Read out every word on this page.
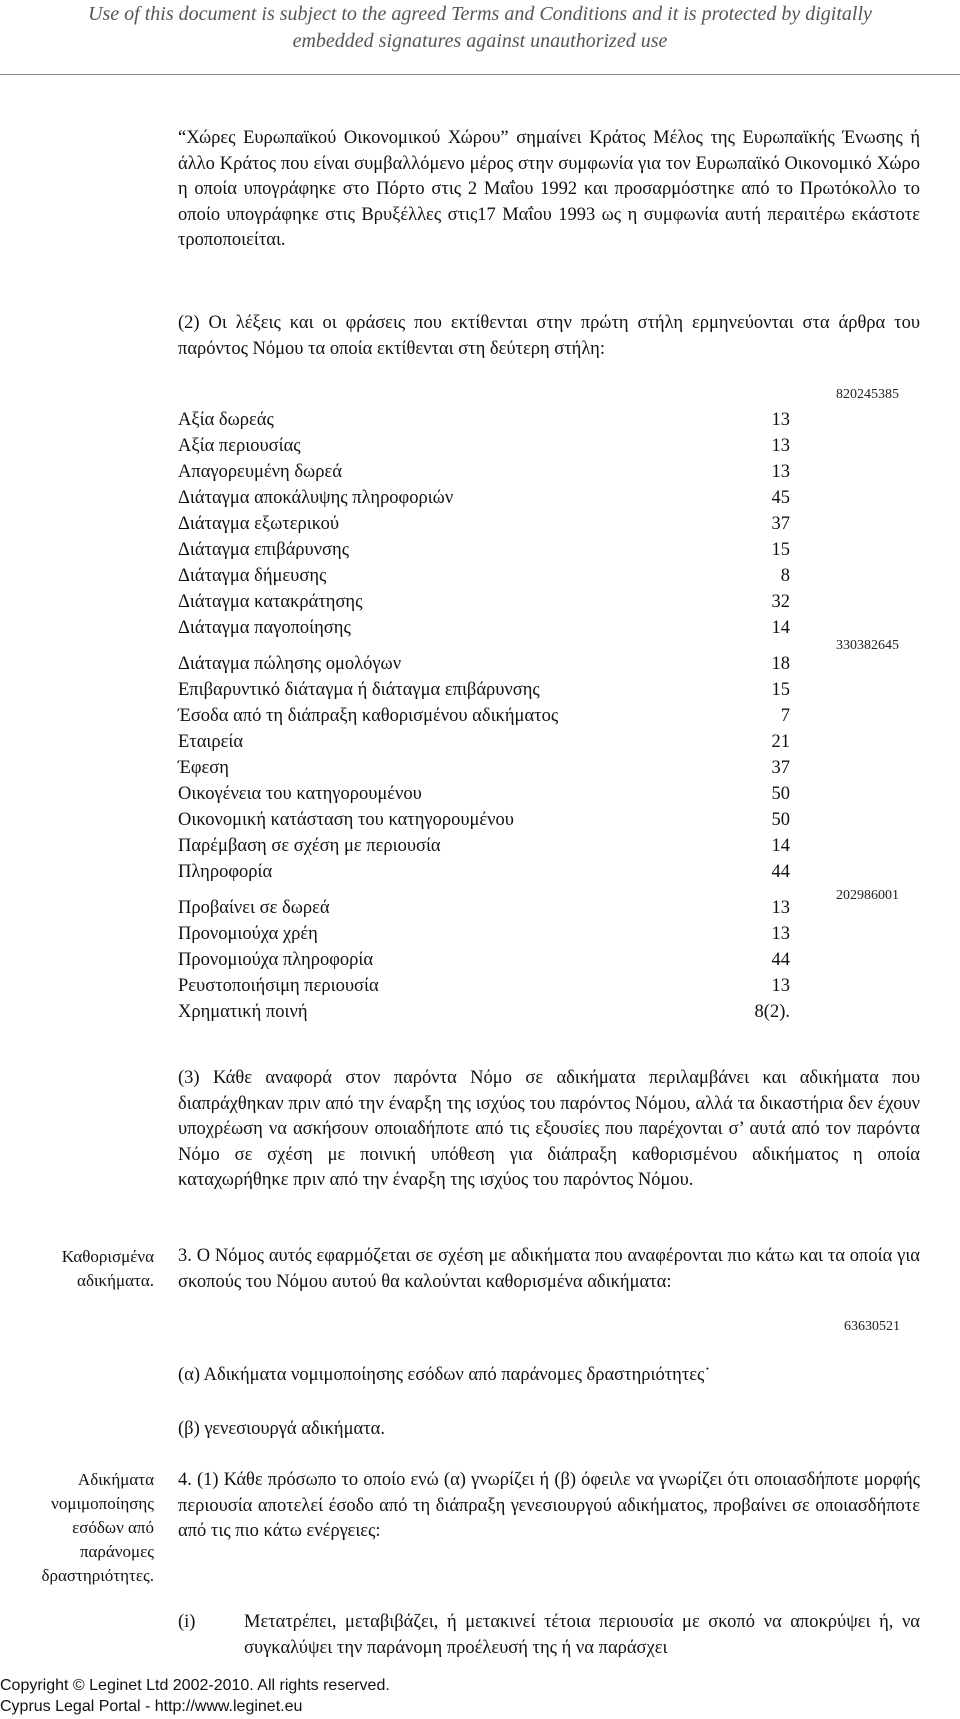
Use of this document is subject to the agreed Terms and Conditions and it is protected by digitally
embedded signatures against unauthorized use
“Χώρες Ευρωπαϊκού Οικονομικού Χώρου” σημαίνει Κράτος Μέλος της Ευρωπαϊκής Ένωσης ή άλλο Κράτος που είναι συμβαλλόμενο μέρος στην συμφωνία για τον Ευρωπαϊκό Οικονομικό Χώρο η οποία υπογράφηκε στο Πόρτο στις 2 Μαΐου 1992 και προσαρμόστηκε από το Πρωτόκολλο το οποίο υπογράφηκε στις Βρυξέλλες στις17 Μαΐου 1993 ως η συμφωνία αυτή περαιτέρω εκάστοτε τροποποιείται.
(2) Οι λέξεις και οι φράσεις που εκτίθενται στην πρώτη στήλη ερμηνεύονται στα άρθρα του παρόντος Νόμου τα οποία εκτίθενται στη δεύτερη στήλη:
820245385
Αξία δωρεάς	13
Αξία περιουσίας	13
Απαγορευμένη δωρεά	13
Διάταγμα αποκάλυψης πληροφοριών	45
Διάταγμα εξωτερικού	37
Διάταγμα επιβάρυνσης	15
Διάταγμα δήμευσης	8
Διάταγμα κατακράτησης	32
Διάταγμα παγοποίησης	14
Διάταγμα πώλησης ομολόγων	18
Επιβαρυντικό διάταγμα ή διάταγμα επιβάρυνσης	15
Έσοδα από τη διάπραξη καθορισμένου αδικήματος	7
Εταιρεία	21
Έφεση	37
Οικογένεια του κατηγορουμένου	50
Οικονομική κατάσταση του κατηγορουμένου	50
Παρέμβαση σε σχέση με περιουσία	14
Πληροφορία	44
Προβαίνει σε δωρεά	13
Προνομιούχα χρέη	13
Προνομιούχα πληροφορία	44
Ρευστοποιήσιμη περιουσία	13
Χρηματική ποινή	8(2).
330382645
202986001
(3) Κάθε αναφορά στον παρόντα Νόμο σε αδικήματα περιλαμβάνει και αδικήματα που διαπράχθηκαν πριν από την έναρξη της ισχύος του παρόντος Νόμου, αλλά τα δικαστήρια δεν έχουν υποχρέωση να ασκήσουν οποιαδήποτε από τις εξουσίες που παρέχονται σ’ αυτά από τον παρόντα Νόμο σε σχέση με ποινική υπόθεση για διάπραξη καθορισμένου αδικήματος η οποία καταχωρήθηκε πριν από την έναρξη της ισχύος του παρόντος Νόμου.
Καθορισμένα αδικήματα.
3. Ο Νόμος αυτός εφαρμόζεται σε σχέση με αδικήματα που αναφέρονται πιο κάτω και τα οποία για σκοπούς του Νόμου αυτού θα καλούνται καθορισμένα αδικήματα:
63630521
(α) Αδικήματα νομιμοποίησης εσόδων από παράνομες δραστηριότητες˙
(β) γενεσιουργά αδικήματα.
Αδικήματα νομιμοποίησης εσόδων από παράνομες δραστηριότητες.
4. (1) Κάθε πρόσωπο το οποίο ενώ (α) γνωρίζει ή (β) όφειλε να γνωρίζει ότι οποιασδήποτε μορφής περιουσία αποτελεί έσοδο από τη διάπραξη γενεσιουργού αδικήματος, προβαίνει σε οποιασδήποτε από τις πιο κάτω ενέργειες:
(i)	Μετατρέπει, μεταβιβάζει, ή μετακινεί τέτοια περιουσία με σκοπό να αποκρύψει ή, να συγκαλύψει την παράνομη προέλευσή της ή να παράσχει
Copyright © Leginet Ltd 2002-2010. All rights reserved.
Cyprus Legal Portal - http://www.leginet.eu
